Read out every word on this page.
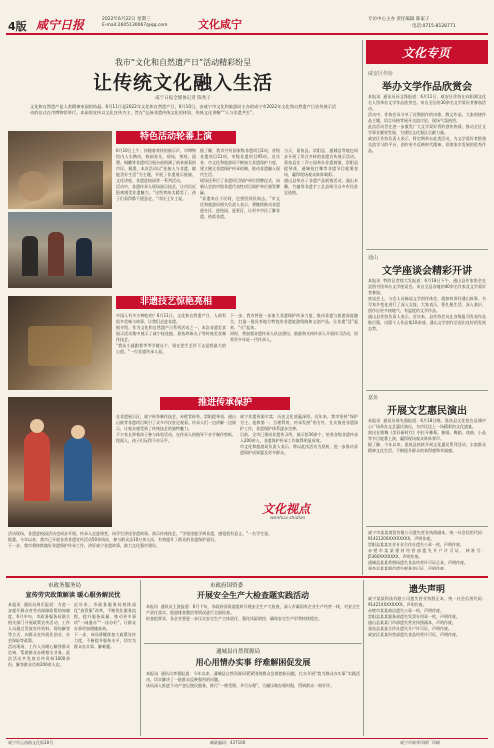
4版 咸宁日报	2022年6月22日 星期三
E-mail:2605130067@qq.com	文化咸宁	专访中心主办 责任编辑 陈家子
电话:0715-8128771
我市“文化和自然遗产日”活动精彩纷呈
让传统文化融入生活
咸宁日报全媒体记者 陈秀子
文化和自然遗产是人类精神家园的结晶。6月11日是2022年文化和自然遗产日，6月10日，由咸宁市文化和旅游局主办的成宁市2022年文化和自然遗产日宣传展示活动的仪式在市博物馆举行。本届的宣传以文化宣传为主，旨在“弘扬非遗传统文化的体验，传统文化讲解”“人与非遗共生”。
特色活动轮番上演
6月10日上午，伴随着欢快的鼓乐声，市博物馆内人头攒动，热闹非凡。现场，剪纸、面塑、铜雕等非遗项目展台前围满了前来观看的市民。据悉，本次活动以“连接人与非遗，赋能美好生活”为主题，开展了非遗展示展演、文化讲座、非遗进校园等一系列活动。
活动中，非遗传承人现场演示技艺，让市民近距离感受非遗魅力。“这些剪纸太精美了，孩子们看得都不愿意走。”市民王女士说。
据了解，我市共有国家级非遗项目2项，省级非遗项目21项，市级非遗项目95项。近年来，市文化和旅游局不断加大非遗保护力度，建立健全非遗保护传承机制，推动非遗融入现代生活。
现场还举行了非遗项目保护单位授牌仪式，向新认定的市级非遗代表性项目保护单位颁发牌匾。
“非遗来自于民间，也要回到民间去。”市文化和旅游局相关负责人表示，将继续推动非遗进社区、进校园、进景区，让更多市民了解非遗、热爱非遗。
当天，嘉鱼县、崇阳县、通城县等地也同步开展了形式多样的非遗宣传展示活动。嘉鱼县在二乔公园举办非遗展演，崇阳县提琴戏、通城拍打舞等非遗节目轮番登场，赢得现场观众阵阵喝彩。
通山县举办了非遗产品展销活动，通山木雕、竹编等非遗手工艺品吸引众多市民驻足选购。
非遗技艺惊艳亮相
中国人有多少种吃的？6月11日，文化和自然遗产日，人间有很多美味与故事，让我们走进非遗。
据介绍，作为文化和自然遗产日系列活动之一，本次非遗美食展示活动集中展示了咸宁桂花糕、嘉鱼珍珠丸子等传统美食制作技艺。
“我从小就跟着爷爷学做这个，现在把手艺传下去是我最大的心愿。”一位非遗传承人说。
下一步，我市将进一步加大非遗保护传承力度，推动非遗与旅游深度融合，打造一批具有地方特色的非遗旅游线路和文创产品，让非遗“活”起来、“火”起来。
同时，将加强非遗传承人队伍建设，鼓励和支持传承人开展传习活动，培养更多年轻一代传承人。
推进传承保护
在非遗展示区，咸宁砖茶制作技艺、赤壁青砖茶、崇阳提琴戏、通山山鼓等非遗项目吸引了众多市民驻足观看。传承人们一边讲解一边演示，让观众感受到了传统技艺的独特魅力。
不少家长带着孩子参与体验活动，在传承人的指导下亲手制作剪纸、捏面人，孩子们玩得不亦乐乎。
咸宁非遗资源丰富，历史文化底蕴深厚。近年来，我市坚持“保护为主、抢救第一、合理利用、传承发展”的方针，扎实推进非遗保护工作，非遗保护体系逐步完善。
目前，全市已建成非遗传习所、展示馆30余个，培养各级非遗传承人200余人，非遗保护传承工作取得明显成效。
市文化和旅游局负责人表示，将以此次活动为契机，进一步推动非遗保护成果惠及更多群众。
文化视点
wenhua shidian
活动现场，非遗进校园活动也同步开展。传承人走进课堂，向学生讲述非遗故事，演示传统技艺。“学校里能学到非遗，感觉很有意义。”一名学生说。
据悉，今年以来，我市已开展各类非遗宣传活动50余场次，参与群众达10万余人次，有效提升了群众的非遗保护意识。
下一步，我市将持续做好非遗保护传承工作，讲好咸宁非遗故事，助力文化强市建设。
文化专页
咸安区作协
举办文学作品欣赏会
本报讯  通讯员孙文锋报道：6月11日，咸安区作协在向阳湖文化名人馆举办文学作品欣赏会。来自全区的30余名文学爱好者参加活动。
活动中，作协会员分享了近期创作的诗歌、散文作品，大家围绕作品主题、语言风格等展开交流讨论，现场气氛热烈。
此次活动旨在进一步激发广大文学爱好者的创作热情，推动全区文学事业繁荣发展，为建设文化强区贡献力量。
咸安区作协负责人表示，将定期举办此类活动，为文学爱好者搭建交流学习的平台，创作更多反映时代精神、讴歌家乡发展的优秀作品。
通山
文学座谈会精彩开讲
本报讯  特约记者徐大发报道：6月18日下午，通山县作家协会在县图书馆举办文学座谈会。来自全县各地的40余名作家及文学爱好者参加。
座谈会上，与会人员畅谈文学创作体会，就如何讲好通山故事、书写家乡变化进行了深入交流。大家表示，要扎根生活、深入基层，创作出更多接地气、有温度的文学作品。
通山县作协负责人表示，近年来，县作协会员在各级报刊发表作品数百篇，出版个人作品集10余部，通山文学创作呈现出良好的发展态势。
嘉鱼
开展文艺惠民演出
本报讯  通讯员周先强报道：6月18日晚，嘉鱼县文化馆在县城中心广场举办文艺惠民演出，为市民送上一场精彩的文化盛宴。
演出在歌舞《美好新时代》中拉开帷幕。独唱、舞蹈、戏曲、小品等节目轮番上演，赢得现场观众阵阵掌声。
据了解，今年以来，嘉鱼县持续开展文化惠民系列活动，丰富群众精神文化生活，不断提升群众的获得感和幸福感。
咸宁市某某商贸有限公司遗失营业执照副本，统一社会信用代码：91421200XXXXXXXX，声明作废。
崇阳县某某农业专业合作社遗失公章一枚，声明作废。
赤壁市某某建材经营部遗失开户许可证，核准号：J5360XXXXXXX，声明作废。
通城县某某养殖场遗失食品经营许可证正本，声明作废。
嘉鱼县某某超市遗失税务登记证，声明作废。
市政务服务局
宣传劳灾政策解读 暖心服务解民忧
本报讯  通讯员周乐报道：为进一步提升群众对劳动保障政策的知晓度，6月中旬，市政务服务局联合相关部门开展政策宣传活动，工作人员通过发放宣传资料、现场解答等方式，向群众宣传就业创业、社会保险等政策。
活动现场，工作人员耐心解答群众咨询，帮助群众办理相关业务。此次活动共发放宣传资料1000余份，解答群众咨询200余人次。
近年来，市政务服务局持续深化“放管服”改革，不断优化服务流程，提升服务质量，推动更多事项“一网通办”“一次办好”，让群众办事更加便捷高效。
下一步，该局将继续加大政策宣传力度，不断提升服务水平，切实为群众办实事、解难题。
市政府国资委
开展安全生产大检查题实践活动
本报讯  通讯员王凯报道：6月下旬，市政府国资委组织开展安全生产大检查，深入市属国有企业生产经营一线，对安全生产责任落实、隐患排查整治等情况进行全面检查。
检查组要求，各企业要进一步压实安全生产主体责任，强化风险防控，确保安全生产形势持续稳定。
通城县自然资源局
用心用情办实事 纾难解困促发展
本报讯  通讯员李强报道：今年以来，通城县自然资源局紧紧围绕群众急难愁盼问题，扎实开展“我为群众办实事”实践活动，切实解决了一批群众反映强烈的问题。
该局深入推进不动产登记便民服务，推行“一窗受理、并行办理”，大幅压缩办理时限，得到群众一致好评。
遗失声明
咸宁某某科技有限公司遗失营业执照正本，统一社会信用代码：91421XXXXXXXX，声明作废。
赤壁市某某商店遗失公章一枚，声明作废。
崇阳县某某服务部遗失发票专用章一枚，声明作废。
通山县某某门市部遗失营业执照副本，声明作废。
嘉鱼县某某合作社遗失开户许可证，声明作废。
咸安区某某经营部遗失食品经营许可证，声明作废。
咸宁市云南路文化街28号	邮政编码：437100	咸宁市新华印刷厂印刷
